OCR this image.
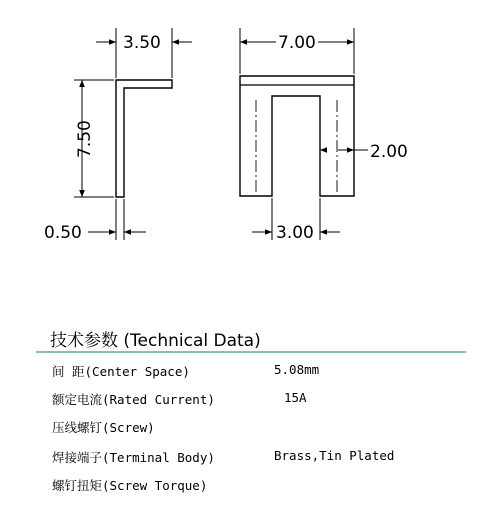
3.50
7.50
0.50
7.00
2.00
3.00
技术参数 (Technical Data)
间 距(Center Space)	5.08mm
额定电流(Rated Current)	15A
压线螺钉(Screw)
焊接端子(Terminal Body)	Brass,Tin Plated
螺钉扭矩(Screw Torque)
